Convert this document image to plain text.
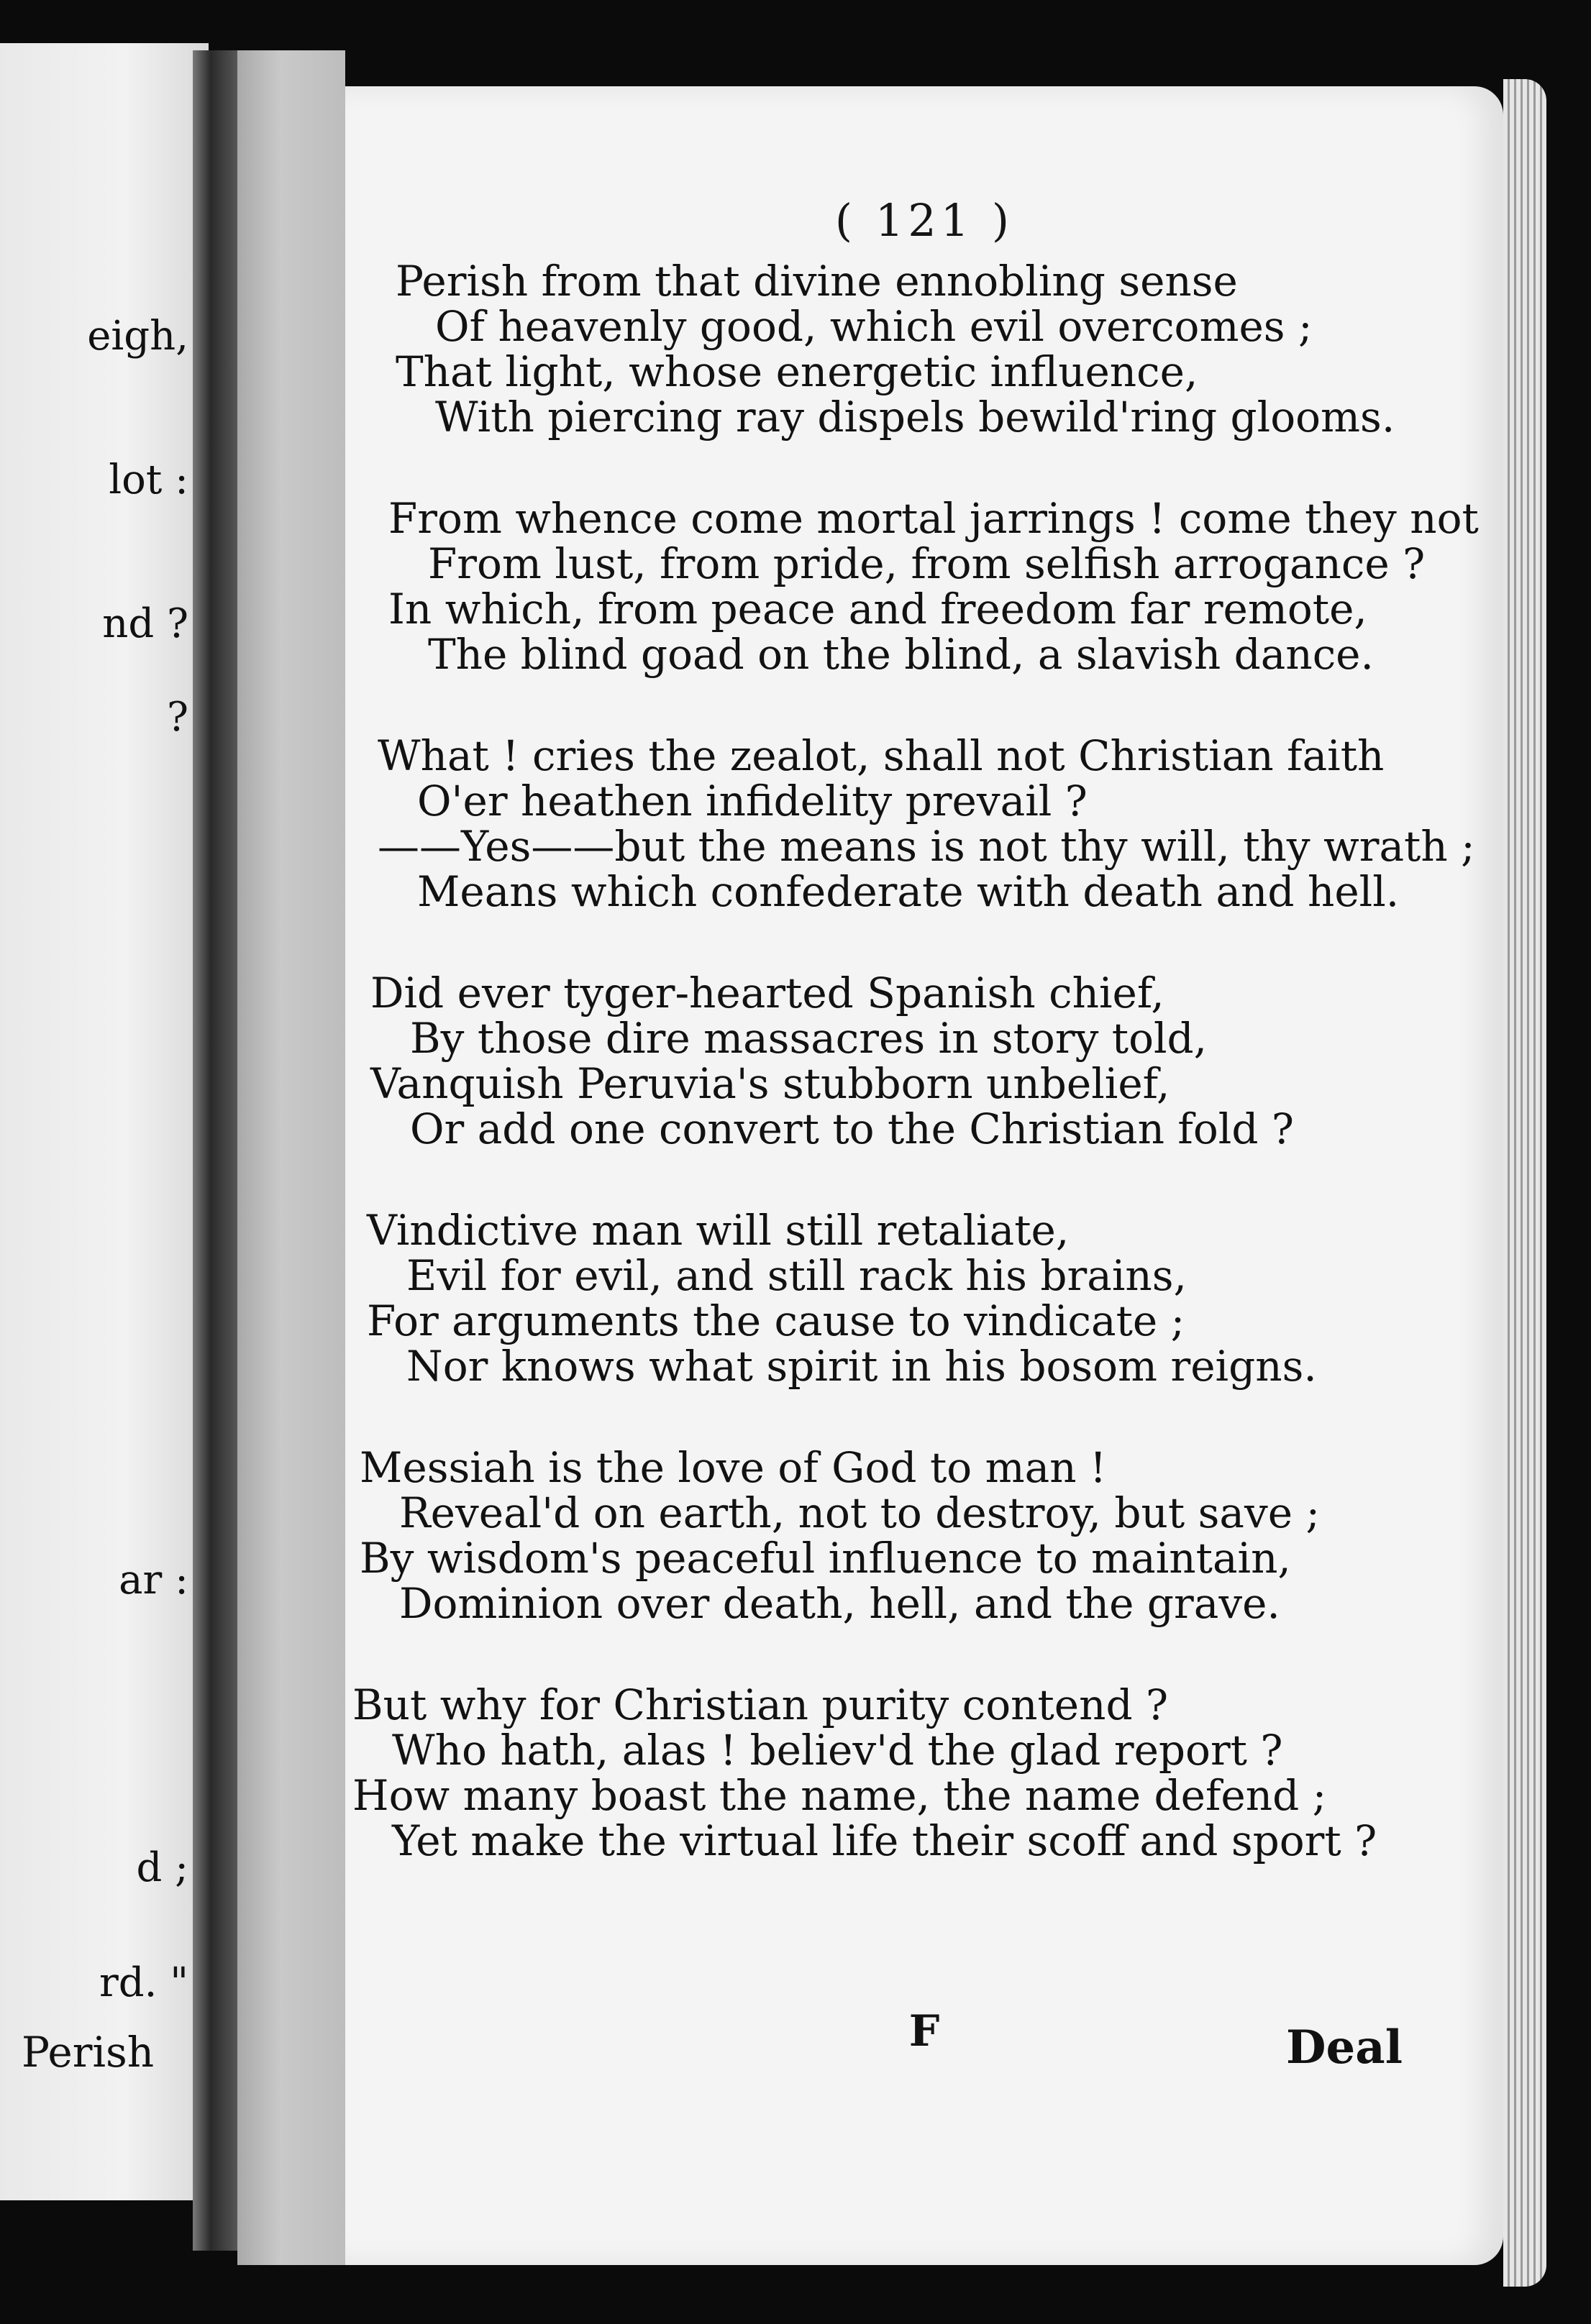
eigh,
lot :
nd ?
?
ar :
d ;
rd. "
Perish
( 121 )
Perish from that divine ennobling sense
Of heavenly good, which evil overcomes ;
That light, whose energetic influence,
With piercing ray dispels bewild'ring glooms.
From whence come mortal jarrings ! come they not
From lust, from pride, from selfish arrogance ?
In which, from peace and freedom far remote,
The blind goad on the blind, a slavish dance.
What ! cries the zealot, shall not Christian faith
O'er heathen infidelity prevail ?
——Yes——but the means is not thy will, thy wrath ;
Means which confederate with death and hell.
Did ever tyger-hearted Spanish chief,
By those dire massacres in story told,
Vanquish Peruvia's stubborn unbelief,
Or add one convert to the Christian fold ?
Vindictive man will still retaliate,
Evil for evil, and still rack his brains,
For arguments the cause to vindicate ;
Nor knows what spirit in his bosom reigns.
Messiah is the love of God to man !
Reveal'd on earth, not to destroy, but save ;
By wisdom's peaceful influence to maintain,
Dominion over death, hell, and the grave.
But why for Christian purity contend ?
Who hath, alas ! believ'd the glad report ?
How many boast the name, the name defend ;
Yet make the virtual life their scoff and sport ?
F	Deal
